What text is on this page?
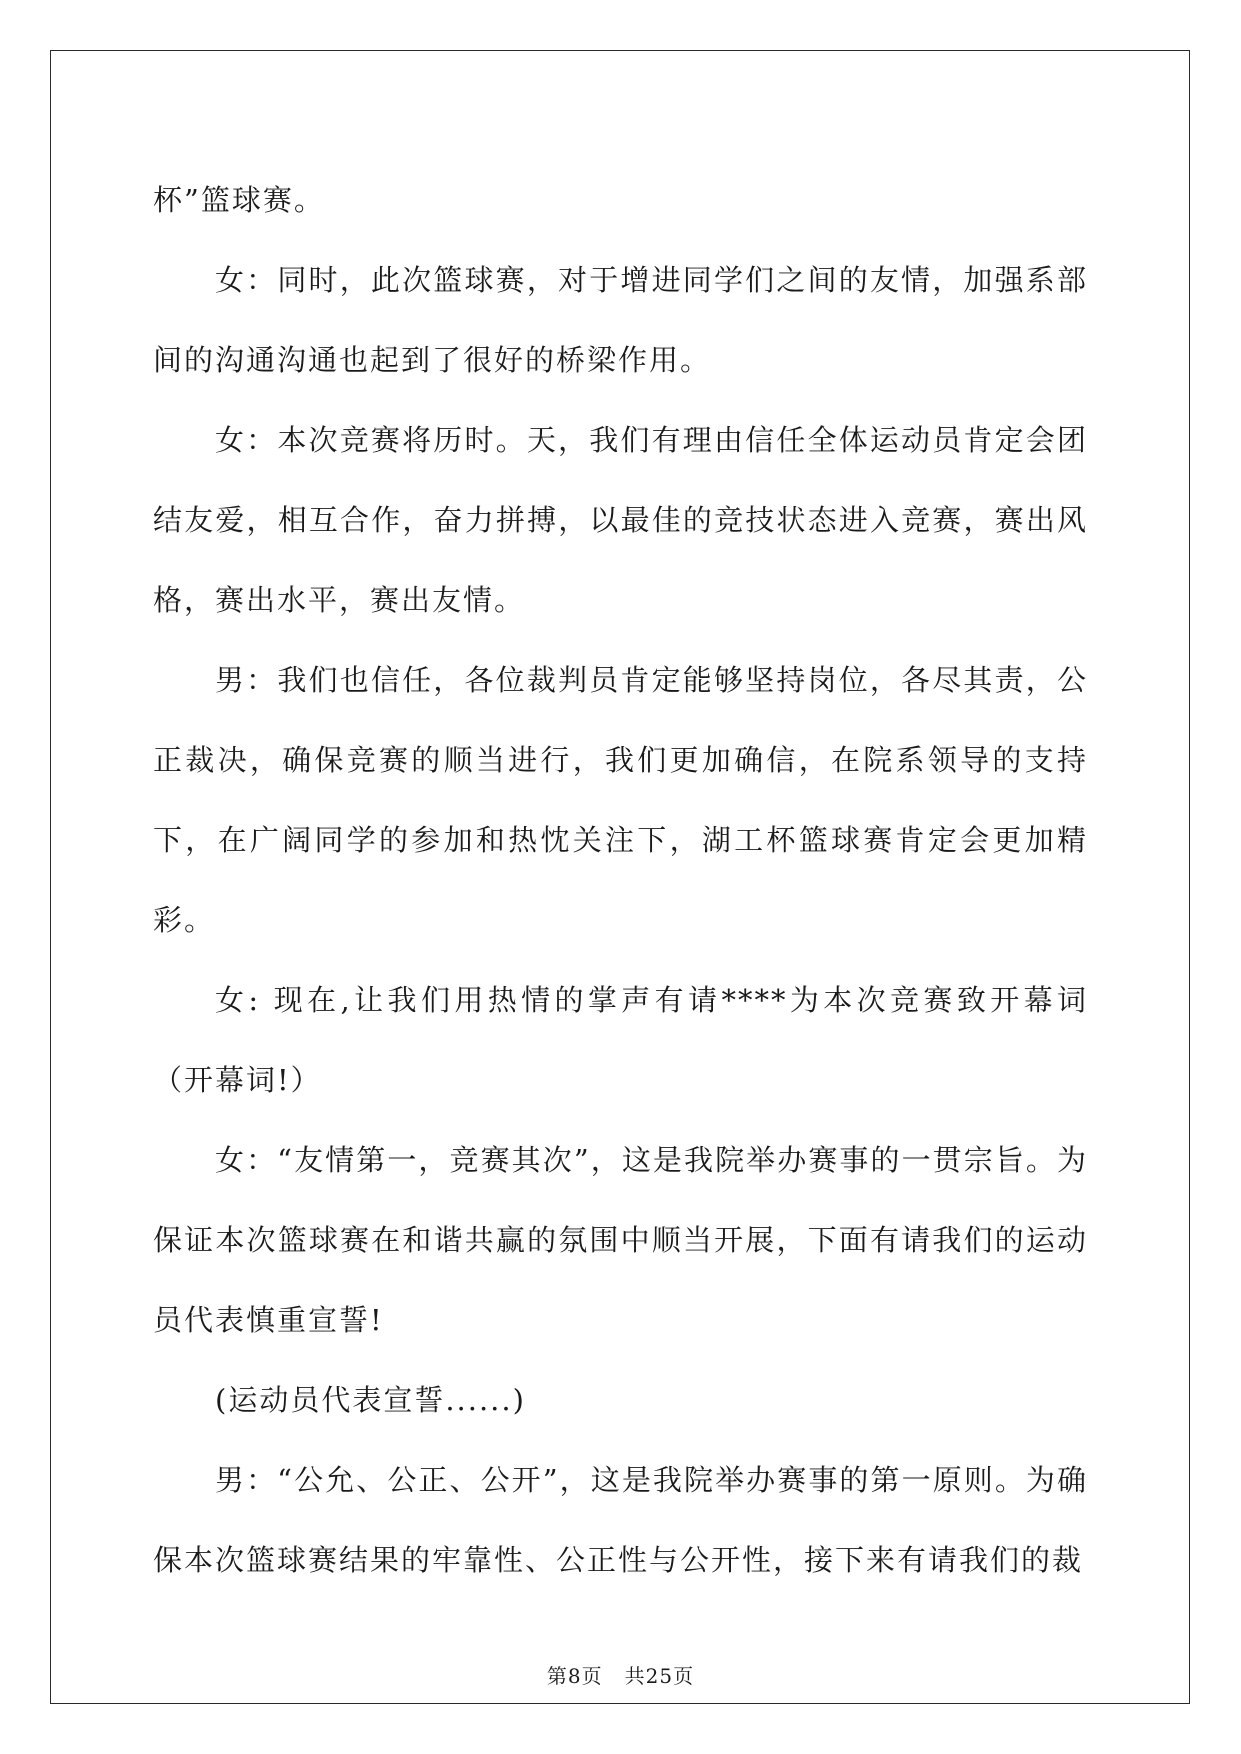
杯”篮球赛。

女：同时，此次篮球赛，对于增进同学们之间的友情，加强系部间的沟通沟通也起到了很好的桥梁作用。

女：本次竞赛将历时。天，我们有理由信任全体运动员肯定会团结友爱，相互合作，奋力拼搏，以最佳的竞技状态进入竞赛，赛出风格，赛出水平，赛出友情。

男：我们也信任，各位裁判员肯定能够坚持岗位，各尽其责，公正裁决，确保竞赛的顺当进行，我们更加确信，在院系领导的支持下，在广阔同学的参加和热忱关注下，湖工杯篮球赛肯定会更加精彩。

女: 现在,让我们用热情的掌声有请****为本次竞赛致开幕词（开幕词!）

女：“友情第一，竞赛其次”，这是我院举办赛事的一贯宗旨。为保证本次篮球赛在和谐共赢的氛围中顺当开展，下面有请我们的运动员代表慎重宣誓!

(运动员代表宣誓......)

男：“公允、公正、公开”，这是我院举办赛事的第一原则。为确保本次篮球赛结果的牢靠性、公正性与公开性，接下来有请我们的裁

第8页 共25页
